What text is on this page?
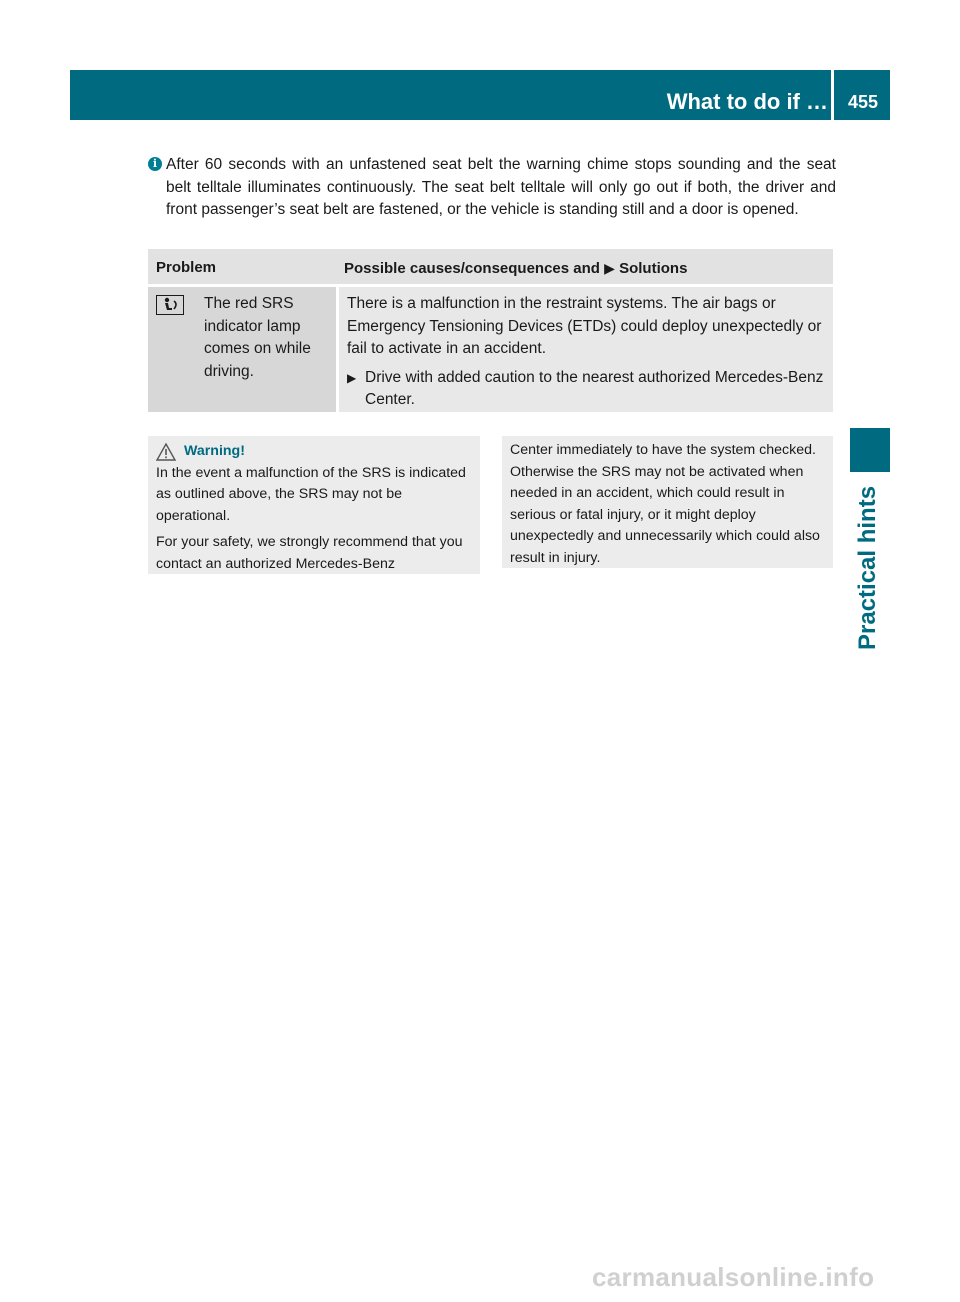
What to do if …	455
Practical hints
i After 60 seconds with an unfastened seat belt the warning chime stops sounding and the seat belt telltale illuminates continuously. The seat belt telltale will only go out if both, the driver and front passenger’s seat belt are fastened, or the vehicle is standing still and a door is opened.
Problem	Possible causes/consequences and ▶ Solutions
The red SRS indicator lamp comes on while driving.

There is a malfunction in the restraint systems. The air bags or Emergency Tensioning Devices (ETDs) could deploy unexpectedly or fail to activate in an accident.

▶ Drive with added caution to the nearest authorized Mercedes-Benz Center.
Warning!

In the event a malfunction of the SRS is indicated as outlined above, the SRS may not be operational.

For your safety, we strongly recommend that you contact an authorized Mercedes-Benz

Center immediately to have the system checked. Otherwise the SRS may not be activated when needed in an accident, which could result in serious or fatal injury, or it might deploy unexpectedly and unnecessarily which could also result in injury.

carmanualsonline.info
